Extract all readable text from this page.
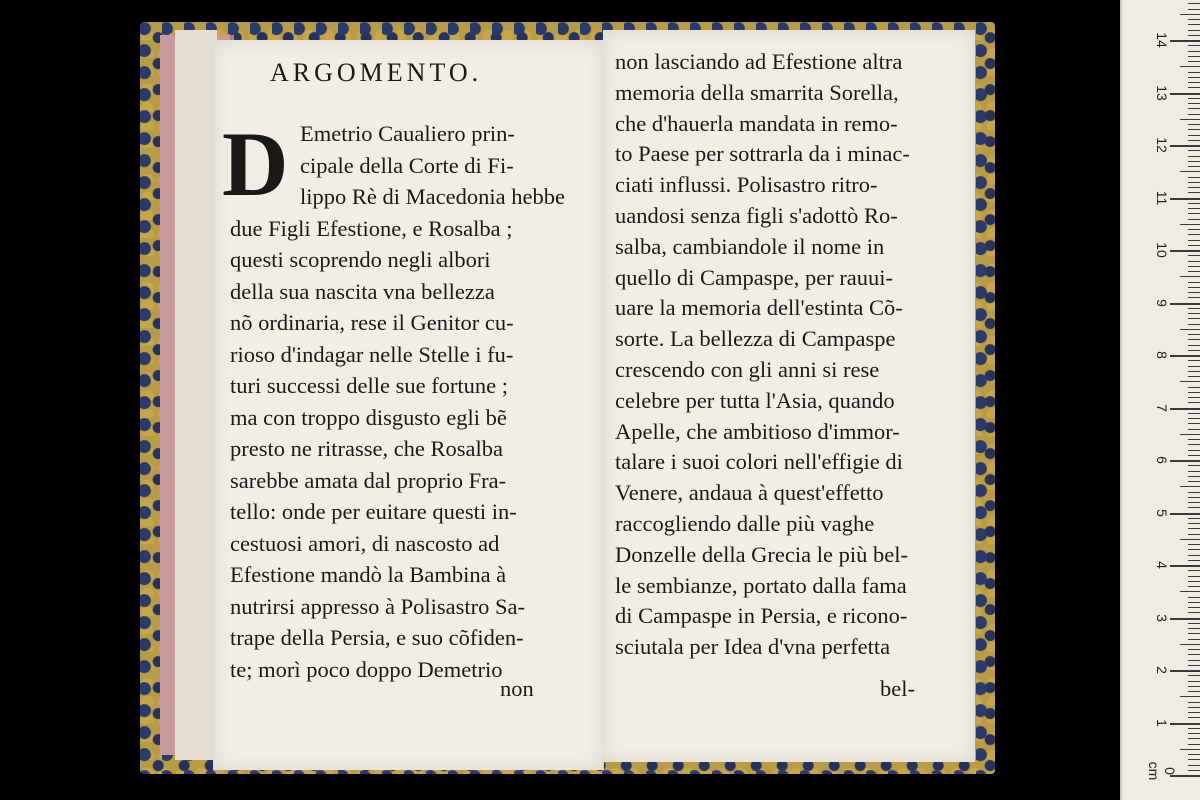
ARGOMENTO.
D Emetrio Caualiero prin-
cipale della Corte di Fi-
lippo Rè di Macedonia hebbe
due Figli Efestione, e Rosalba ;
questi scoprendo negli albori
della sua nascita vna bellezza
nõ ordinaria, rese il Genitor cu-
rioso d'indagar nelle Stelle i fu-
turi successi delle sue fortune ;
ma con troppo disgusto egli bẽ
presto ne ritrasse, che Rosalba
sarebbe amata dal proprio Fra-
tello: onde per euitare questi in-
cestuosi amori, di nascosto ad
Efestione mandò la Bambina à
nutrirsi appresso à Polisastro Sa-
trape della Persia, e suo cõfiden-
te; morì poco doppo Demetrio
non
non lasciando ad Efestione altra
memoria della smarrita Sorella,
che d'hauerla mandata in remo-
to Paese per sottrarla da i minac-
ciati influssi. Polisastro ritro-
uandosi senza figli s'adottò Ro-
salba, cambiandole il nome in
quello di Campaspe, per rauui-
uare la memoria dell'estinta Cõ-
sorte. La bellezza di Campaspe
crescendo con gli anni si rese
celebre per tutta l'Asia, quando
Apelle, che ambitioso d'immor-
talare i suoi colori nell'effigie di
Venere, andaua à quest'effetto
raccogliendo dalle più vaghe
Donzelle della Grecia le più bel-
le sembianze, portato dalla fama
di Campaspe in Persia, e ricono-
sciutala per Idea d'vna perfetta
bel-
1
2
3
4
5
6
7
8
9
10
11
12
13
14
0 cm
